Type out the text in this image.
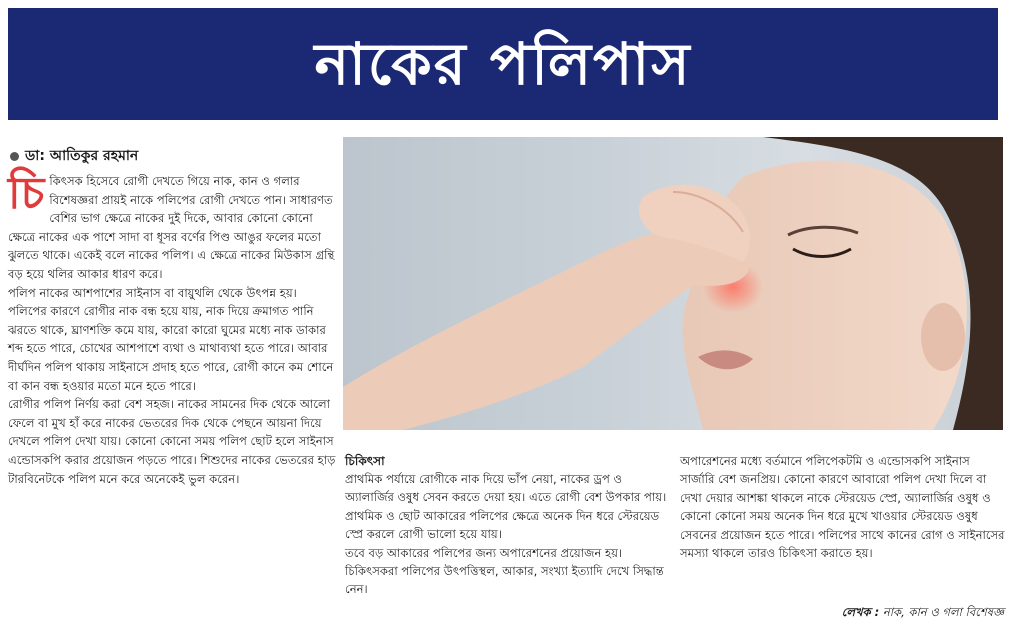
নাকের পলিপাস
ডা: আতিকুর রহমান
চি কিৎসক হিসেবে রোগী দেখতে গিয়ে নাক, কান ও গলার বিশেষজ্ঞরা প্রায়ই নাকে পলিপের রোগী দেখতে পান। সাধারণত বেশির ভাগ ক্ষেত্রে নাকের দুই দিকে, আবার কোনো কোনো ক্ষেত্রে নাকের এক পাশে সাদা বা ধূসর বর্ণের পিণ্ড আঙুর ফলের মতো ঝুলতে থাকে। একেই বলে নাকের পলিপ। এ ক্ষেত্রে নাকের মিউকাস গ্রন্থি বড় হয়ে থলির আকার ধারণ করে।

পলিপ নাকের আশপাশের সাইনাস বা বায়ুথলি থেকে উৎপন্ন হয়। পলিপের কারণে রোগীর নাক বন্ধ হয়ে যায়, নাক দিয়ে ক্রমাগত পানি ঝরতে থাকে, ঘ্রাণশক্তি কমে যায়, কারো কারো ঘুমের মধ্যে নাক ডাকার শব্দ হতে পারে, চোখের আশপাশে ব্যথা ও মাথাব্যথা হতে পারে। আবার দীর্ঘদিন পলিপ থাকায় সাইনাসে প্রদাহ হতে পারে, রোগী কানে কম শোনে বা কান বন্ধ হওয়ার মতো মনে হতে পারে।

রোগীর পলিপ নির্ণয় করা বেশ সহজ। নাকের সামনের দিক থেকে আলো ফেলে বা মুখ হাঁ করে নাকের ভেতরের দিক থেকে পেছনে আয়না দিয়ে দেখলে পলিপ দেখা যায়। কোনো কোনো সময় পলিপ ছোট হলে সাইনাস এন্ডোসকপি করার প্রয়োজন পড়তে পারে। শিশুদের নাকের ভেতরের হাড় টারবিনেটকে পলিপ মনে করে অনেকেই ভুল করেন।

চিকিৎসা

প্রাথমিক পর্যায়ে রোগীকে নাক দিয়ে ভাঁপ নেয়া, নাকের ড্রপ ও অ্যালার্জির ওষুধ সেবন করতে দেয়া হয়। এতে রোগী বেশ উপকার পায়। প্রাথমিক ও ছোট আকারের পলিপের ক্ষেত্রে অনেক দিন ধরে স্টেরয়েড স্প্রে করলে রোগী ভালো হয়ে যায়।

তবে বড় আকারের পলিপের জন্য অপারেশনের প্রয়োজন হয়। চিকিৎসকরা পলিপের উৎপত্তিস্থল, আকার, সংখ্যা ইত্যাদি দেখে সিদ্ধান্ত নেন।

অপারেশনের মধ্যে বর্তমানে পলিপেকটমি ও এন্ডোসকপি সাইনাস সার্জারি বেশ জনপ্রিয়। কোনো কারণে আবারো পলিপ দেখা দিলে বা দেখা দেয়ার আশঙ্কা থাকলে নাকে স্টেরয়েড স্প্রে, অ্যালার্জির ওষুধ ও কোনো কোনো সময় অনেক দিন ধরে মুখে খাওয়ার স্টেরয়েড ওষুধ সেবনের প্রয়োজন হতে পারে। পলিপের সাথে কানের রোগ ও সাইনাসের সমস্যা থাকলে তারও চিকিৎসা করাতে হয়।

লেখক : নাক, কান ও গলা বিশেষজ্ঞ
